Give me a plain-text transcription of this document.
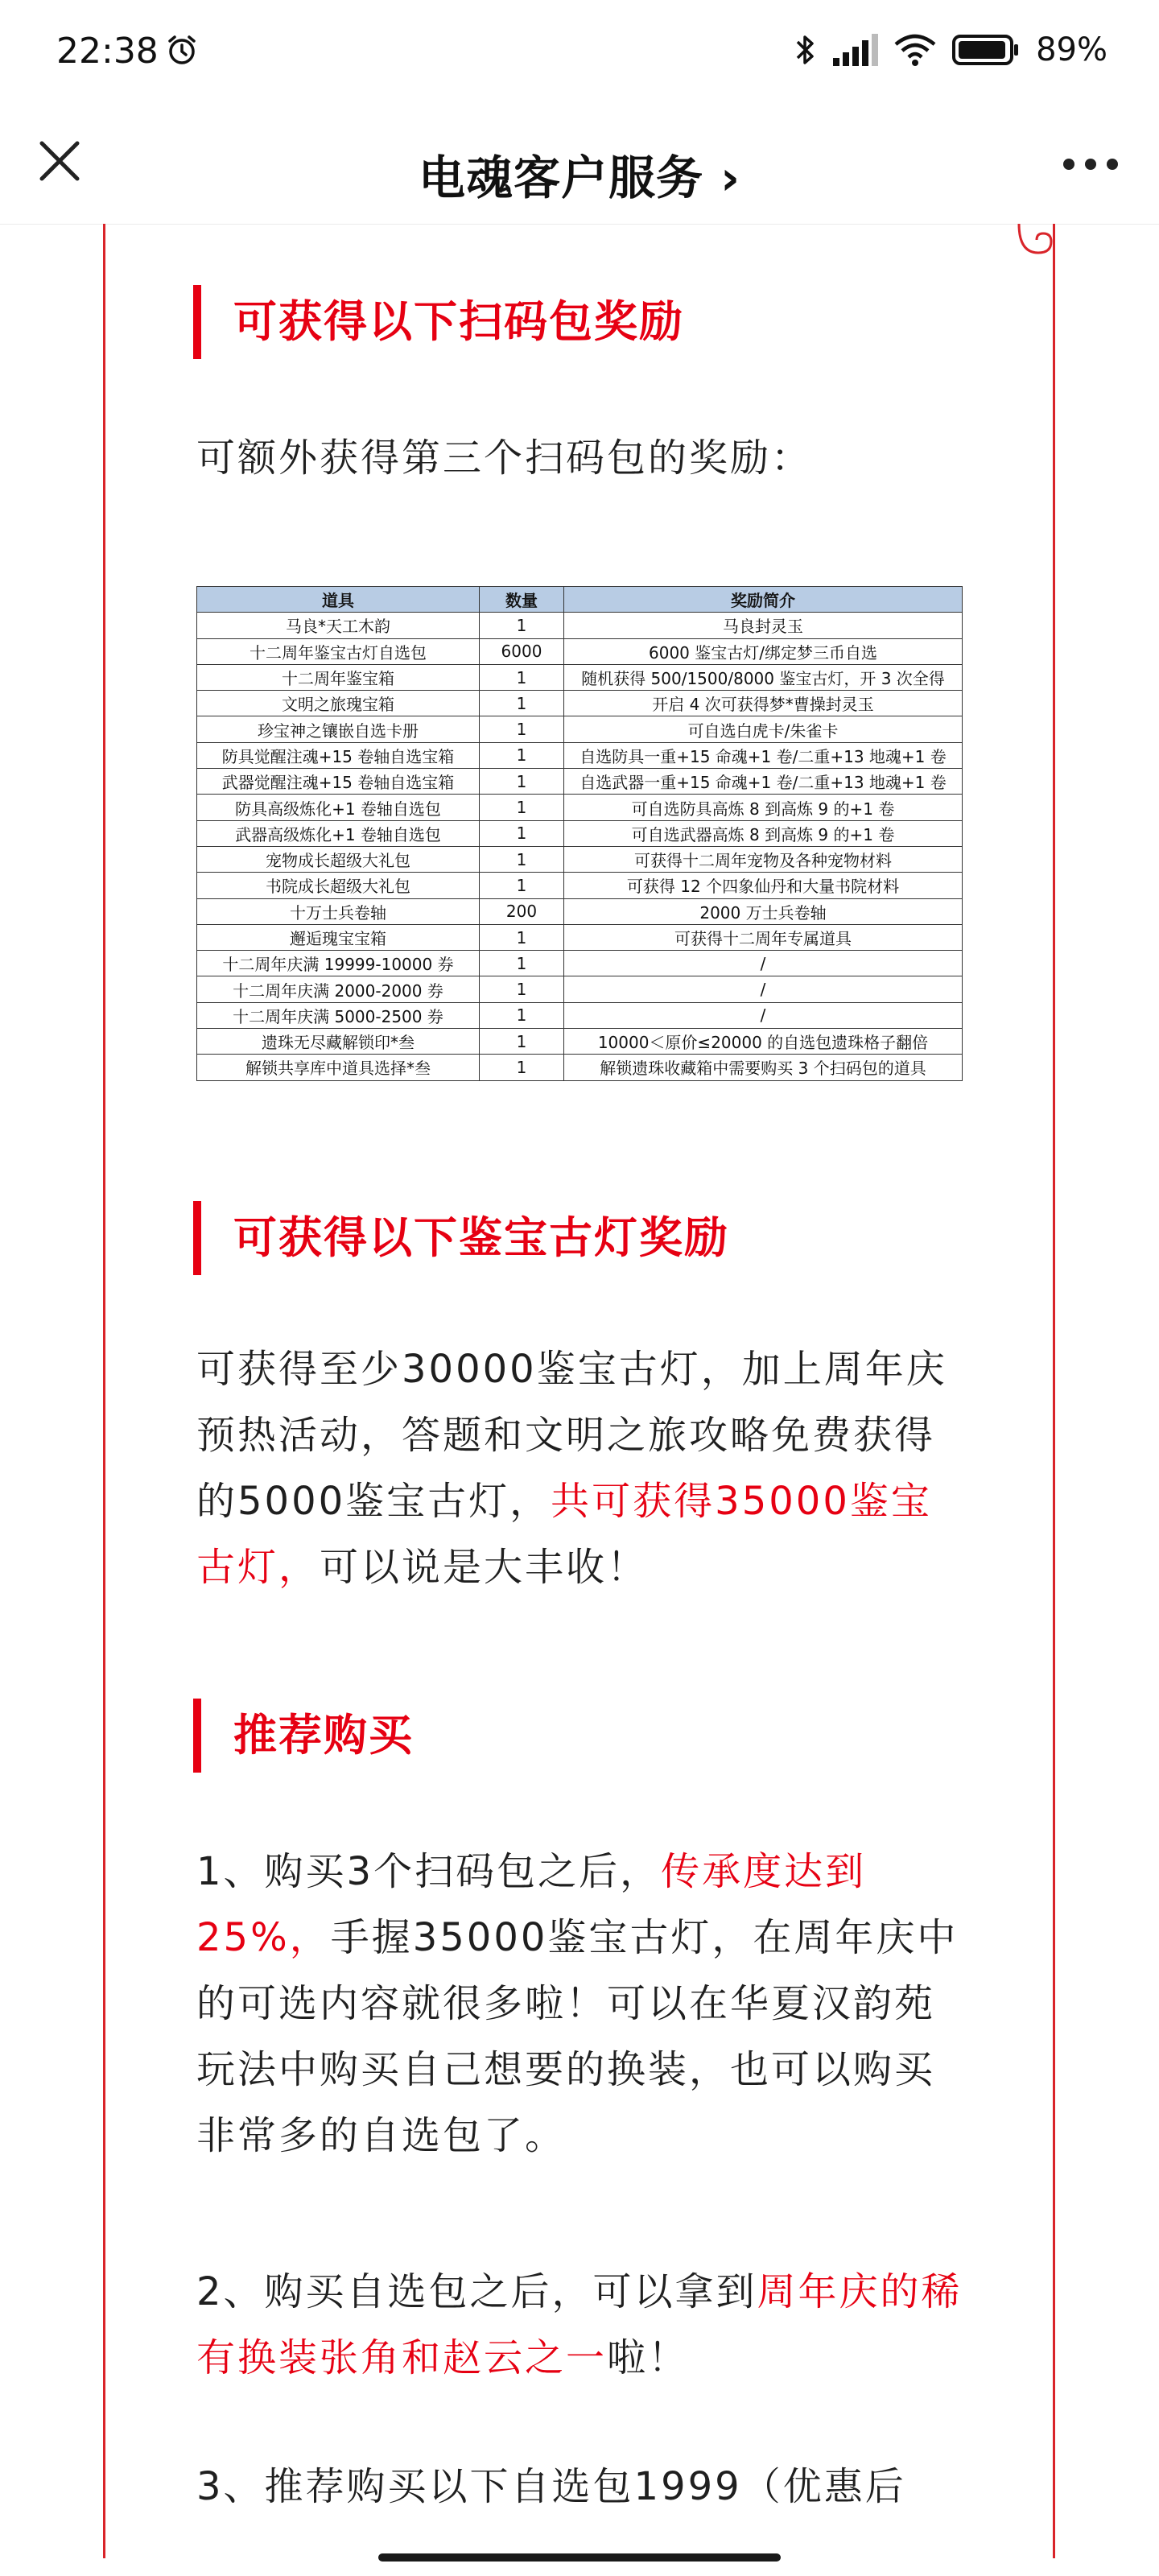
22:38	89%
电魂客户服务 ›
可获得以下扫码包奖励
可额外获得第三个扫码包的奖励：
道具	数量	奖励简介
马良*天工木韵	1	马良封灵玉
十二周年鉴宝古灯自选包	6000	6000 鉴宝古灯/绑定梦三币自选
十二周年鉴宝箱	1	随机获得 500/1500/8000 鉴宝古灯，开 3 次全得
文明之旅瑰宝箱	1	开启 4 次可获得梦*曹操封灵玉
珍宝神之镶嵌自选卡册	1	可自选白虎卡/朱雀卡
防具觉醒注魂+15 卷轴自选宝箱	1	自选防具一重+15 命魂+1 卷/二重+13 地魂+1 卷
武器觉醒注魂+15 卷轴自选宝箱	1	自选武器一重+15 命魂+1 卷/二重+13 地魂+1 卷
防具高级炼化+1 卷轴自选包	1	可自选防具高炼 8 到高炼 9 的+1 卷
武器高级炼化+1 卷轴自选包	1	可自选武器高炼 8 到高炼 9 的+1 卷
宠物成长超级大礼包	1	可获得十二周年宠物及各种宠物材料
书院成长超级大礼包	1	可获得 12 个四象仙丹和大量书院材料
十万士兵卷轴	200	2000 万士兵卷轴
邂逅瑰宝宝箱	1	可获得十二周年专属道具
十二周年庆满 19999-10000 券	1	/
十二周年庆满 2000-2000 券	1	/
十二周年庆满 5000-2500 券	1	/
遗珠无尽藏解锁印*叁	1	10000＜原价≤20000 的自选包遗珠格子翻倍
解锁共享库中道具选择*叁	1	解锁遗珠收藏箱中需要购买 3 个扫码包的道具
可获得以下鉴宝古灯奖励
可获得至少30000鉴宝古灯，加上周年庆预热活动，答题和文明之旅攻略免费获得的5000鉴宝古灯，共可获得35000鉴宝古灯，可以说是大丰收！
推荐购买
1、购买3个扫码包之后，传承度达到25%，手握35000鉴宝古灯，在周年庆中的可选内容就很多啦！可以在华夏汉韵苑玩法中购买自己想要的换装，也可以购买非常多的自选包了。
2、购买自选包之后，可以拿到周年庆的稀有换装张角和赵云之一啦！
3、推荐购买以下自选包1999（优惠后
